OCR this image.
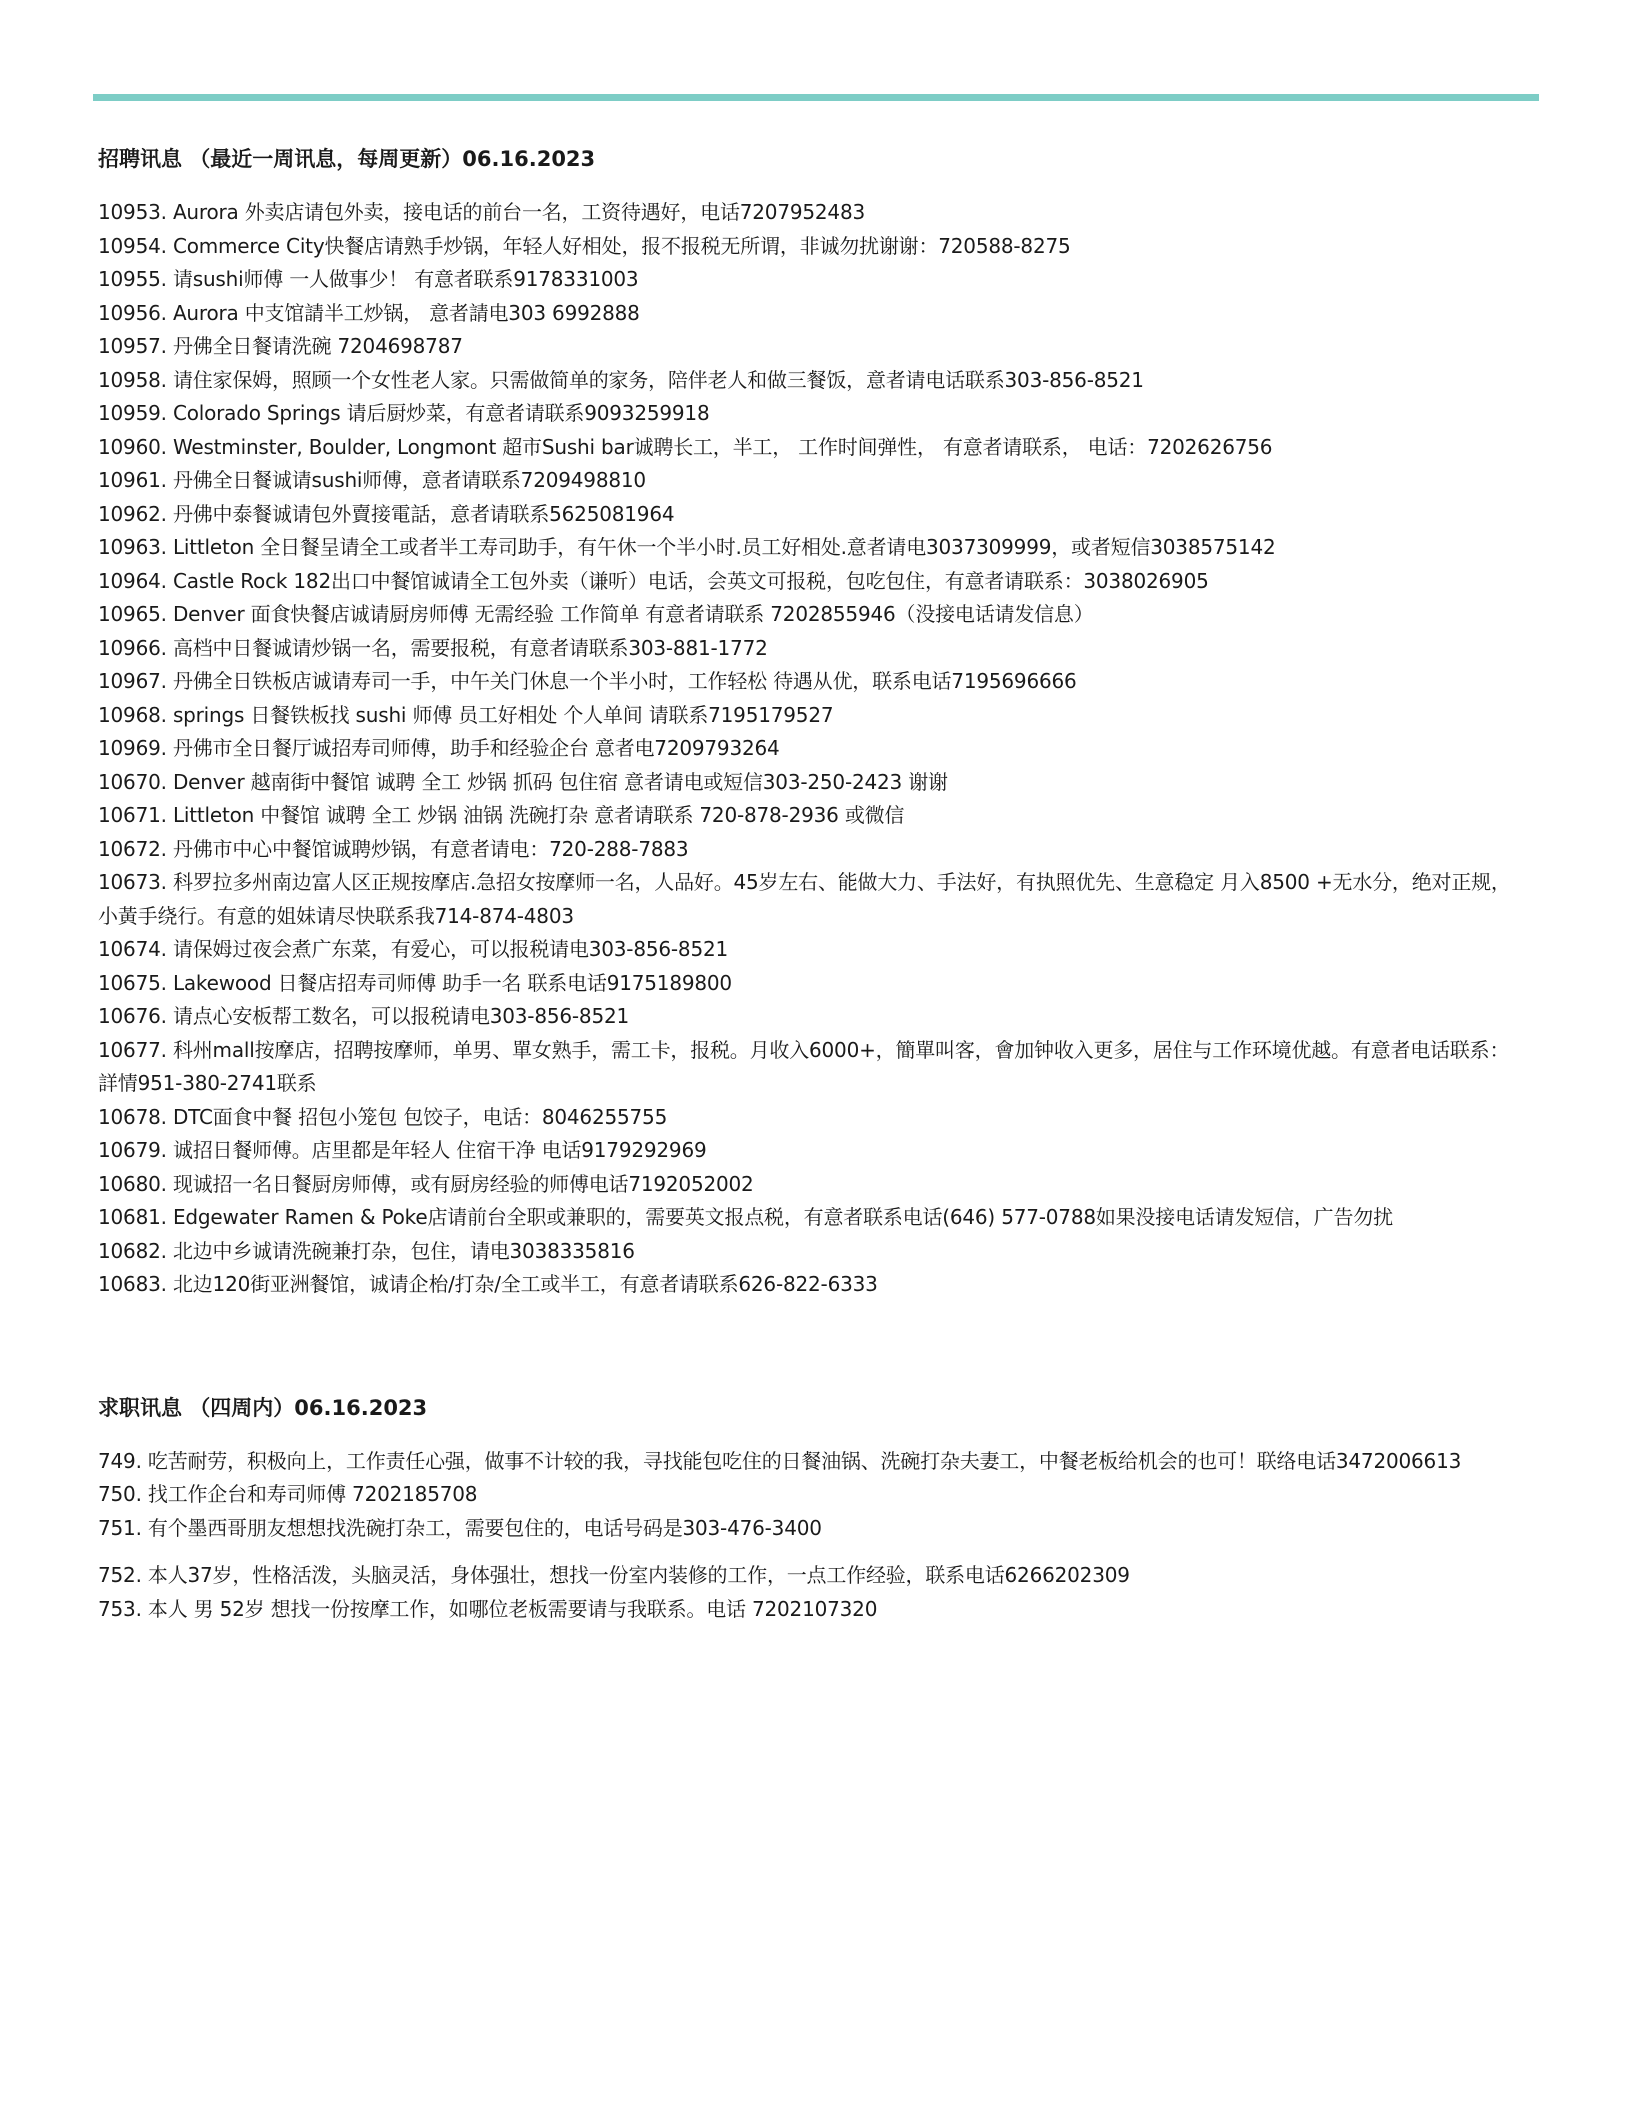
招聘讯息 （最近一周讯息，每周更新）06.16.2023
10953. Aurora 外卖店请包外卖，接电话的前台一名，工资待遇好，电话7207952483
10954. Commerce City快餐店请熟手炒锅，年轻人好相处，报不报税无所谓，非诚勿扰谢谢：720588-8275
10955. 请sushi师傅 一人做事少！ 有意者联系9178331003
10956. Aurora 中支馆請半工炒锅， 意者請电303 6992888
10957. 丹佛全日餐请洗碗 7204698787
10958. 请住家保姆，照顾一个女性老人家。只需做简单的家务，陪伴老人和做三餐饭，意者请电话联系303-856-8521
10959. Colorado Springs 请后厨炒菜，有意者请联系9093259918
10960. Westminster, Boulder, Longmont 超市Sushi bar诚聘长工，半工， 工作时间弹性， 有意者请联系， 电话：7202626756
10961. 丹佛全日餐诚请sushi师傅，意者请联系7209498810
10962. 丹佛中泰餐诚请包外賣接電話，意者请联系5625081964
10963. Littleton 全日餐呈请全工或者半工寿司助手，有午休一个半小时.员工好相处.意者请电3037309999，或者短信3038575142
10964. Castle Rock 182出口中餐馆诚请全工包外卖（谦听）电话，会英文可报税，包吃包住，有意者请联系：3038026905
10965. Denver 面食快餐店诚请厨房师傅 无需经验 工作简单 有意者请联系 7202855946（没接电话请发信息）
10966. 高档中日餐诚请炒锅一名，需要报税，有意者请联系303-881-1772
10967. 丹佛全日铁板店诚请寿司一手，中午关门休息一个半小时，工作轻松 待遇从优，联系电话7195696666
10968. springs 日餐铁板找 sushi 师傅 员工好相处 个人单间 请联系7195179527
10969. 丹佛市全日餐厅诚招寿司师傅，助手和经验企台 意者电7209793264
10670. Denver 越南街中餐馆 诚聘 全工 炒锅 抓码 包住宿 意者请电或短信303-250-2423 谢谢
10671. Littleton 中餐馆 诚聘 全工 炒锅 油锅 洗碗打杂 意者请联系 720-878-2936 或微信
10672. 丹佛市中心中餐馆诚聘炒锅，有意者请电：720-288-7883
10673. 科罗拉多州南边富人区正规按摩店.急招女按摩师一名，人品好。45岁左右、能做大力、手法好，有执照优先、生意稳定 月入8500 +无水分，绝对正规，小黃手绕行。有意的姐妹请尽快联系我714-874-4803
10674. 请保姆过夜会煮广东菜，有爱心，可以报税请电303-856-8521
10675. Lakewood 日餐店招寿司师傅 助手一名 联系电话9175189800
10676. 请点心安板帮工数名，可以报税请电303-856-8521
10677. 科州mall按摩店，招聘按摩师，单男、單女熟手，需工卡，报税。月收入6000+，簡單叫客，會加钟收入更多，居住与工作环境优越。有意者电话联系：詳情951-380-2741联系
10678. DTC面食中餐 招包小笼包 包饺子，电话：8046255755
10679. 诚招日餐师傅。店里都是年轻人 住宿干净 电话9179292969
10680. 现诚招一名日餐厨房师傅，或有厨房经验的师傅电话7192052002
10681. Edgewater Ramen & Poke店请前台全职或兼职的，需要英文报点税，有意者联系电话(646) 577-0788如果没接电话请发短信，广告勿扰
10682. 北边中乡诚请洗碗兼打杂，包住，请电3038335816
10683. 北边120街亚洲餐馆，诚请企枱/打杂/全工或半工，有意者请联系626-822-6333
求职讯息 （四周内）06.16.2023
749. 吃苦耐劳，积极向上，工作责任心强，做事不计较的我，寻找能包吃住的日餐油锅、洗碗打杂夫妻工，中餐老板给机会的也可！联络电话3472006613
750. 找工作企台和寿司师傅 7202185708
751. 有个墨西哥朋友想想找洗碗打杂工，需要包住的，电话号码是303-476-3400
752. 本人37岁，性格活泼，头脑灵活，身体强壮，想找一份室内装修的工作，一点工作经验，联系电话6266202309
753. 本人 男 52岁 想找一份按摩工作，如哪位老板需要请与我联系。电话 7202107320
